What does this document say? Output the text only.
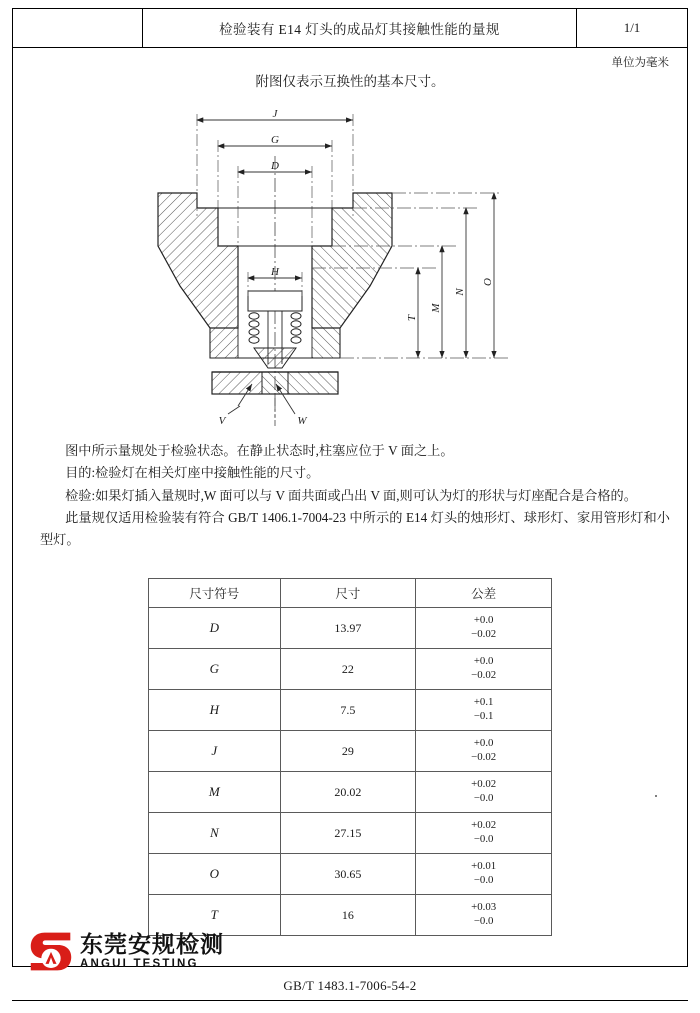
检验装有 E14 灯头的成品灯其接触性能的量规	1/1
单位为毫米
附图仅表示互换性的基本尺寸。
J
G
D
H
T
M
N
O
V	W

图中所示量规处于检验状态。在静止状态时,柱塞应位于 V 面之上。

目的:检验灯在相关灯座中接触性能的尺寸。

检验:如果灯插入量规时,W 面可以与 V 面共面或凸出 V 面,则可认为灯的形状与灯座配合是合格的。

此量规仅适用检验装有符合 GB/T 1406.1-7004-23 中所示的 E14 灯头的烛形灯、球形灯、家用管形灯和小型灯。

尺寸符号	尺寸	公差
D	13.97	+0.0
−0.02
G	22	+0.0
−0.02
H	7.5	+0.1
−0.1
J	29	+0.0
−0.02
M	20.02	+0.02
−0.0
N	27.15	+0.02
−0.0
O	30.65	+0.01
−0.0
T	16	+0.03
−0.0
东莞安规检测
ANGUI TESTING
GB/T 1483.1-7006-54-2
